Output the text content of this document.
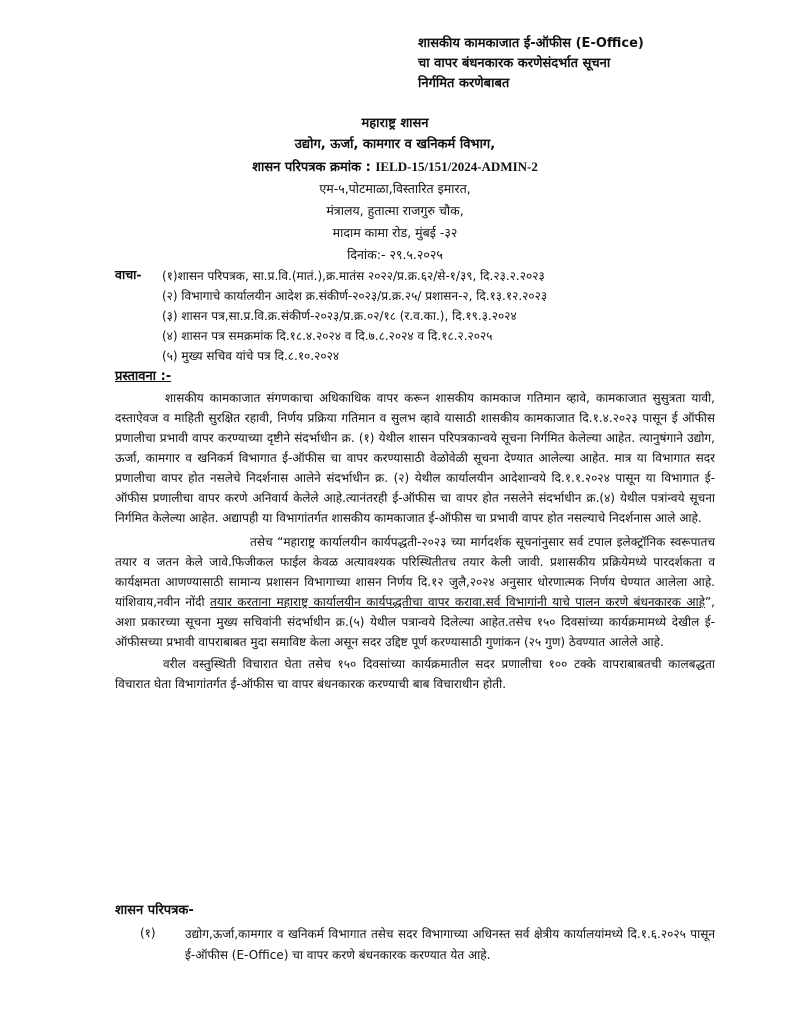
शासकीय कामकाजात ई-ऑफीस (E-Office)
चा वापर बंधनकारक करणेसंदर्भात सूचना
निर्गमित करणेबाबत
महाराष्ट्र शासन
उद्योग, ऊर्जा, कामगार व खनिकर्म विभाग,
शासन परिपत्रक क्रमांक : IELD-15/151/2024-ADMIN-2
एम-५,पोटमाळा,विस्तारित इमारत,
मंत्रालय, हुतात्मा राजगुरु चौक,
मादाम कामा रोड, मुंबई -३२
दिनांक:- २९.५.२०२५
वाचा- (१)शासन परिपत्रक, सा.प्र.वि.(मातं.),क्र.मातंस २०२२/प्र.क्र.६२/से-१/३९, दि.२३.२.२०२३
(२) विभागाचे कार्यालयीन आदेश क्र.संकीर्ण-२०२३/प्र.क्र.२५/ प्रशासन-२, दि.१३.१२.२०२३
(३) शासन पत्र,सा.प्र.वि.क्र.संकीर्ण-२०२३/प्र.क्र.०२/१८ (र.व.का.), दि.१९.३.२०२४
(४) शासन पत्र समक्रमांक दि.१८.४.२०२४ व दि.७.८.२०२४ व दि.१८.२.२०२५
(५) मुख्य सचिव यांचे पत्र दि.८.१०.२०२४
प्रस्तावना :-

शासकीय कामकाजात संगणकाचा अधिकाधिक वापर करून शासकीय कामकाज गतिमान व्हावे, कामकाजात सुसुत्रता यावी, दस्ताऐवज व माहिती सुरक्षित रहावी, निर्णय प्रक्रिया गतिमान व सुलभ व्हावे यासाठी शासकीय कामकाजात दि.१.४.२०२३ पासून ई ऑफीस प्रणालीचा प्रभावी वापर करण्याच्या दृष्टीने संदर्भाधीन क्र. (१) येथील शासन परिपत्रकान्वये सूचना निर्गमित केलेल्या आहेत. त्यानुषंगाने उद्योग, ऊर्जा, कामगार व खनिकर्म विभागात ई-ऑफीस चा वापर करण्यासाठी वेळोवेळी सूचना देण्यात आलेल्या आहेत. मात्र या विभागात सदर प्रणालीचा वापर होत नसलेचे निदर्शनास आलेने संदर्भाधीन क्र. (२) येथील कार्यालयीन आदेशान्वये दि.१.१.२०२४ पासून या विभागात ई-ऑफीस प्रणालीचा वापर करणे अनिवार्य केलेले आहे.त्यानंतरही ई-ऑफीस चा वापर होत नसलेने संदर्भाधीन क्र.(४) येथील पत्रांन्वये सूचना निर्गमित केलेल्या आहेत. अद्यापही या विभागांतर्गत शासकीय कामकाजात ई-ऑफीस चा प्रभावी वापर होत नसल्याचे निदर्शनास आले आहे.

तसेच “महाराष्ट्र कार्यालयीन कार्यपद्धती-२०२३ च्या मार्गदर्शक सूचनांनुसार सर्व टपाल इलेक्ट्रॉनिक स्वरूपातच तयार व जतन केले जावे.फिजीकल फाईल केवळ अत्यावश्यक परिस्थितीतच तयार केली जावी. प्रशासकीय प्रक्रियेमध्ये पारदर्शकता व कार्यक्षमता आणण्यासाठी सामान्य प्रशासन विभागाच्या शासन निर्णय दि.१२ जुलै,२०२४ अनुसार धोरणात्मक निर्णय घेण्यात आलेला आहे. यांशिवाय,नवीन नोंदी तयार करताना महाराष्ट्र कार्यालयीन कार्यपद्धतीचा वापर करावा.सर्व विभागांनी याचे पालन करणे बंधनकारक आहे”, अशा प्रकारच्या सूचना मुख्य सचिवांनी संदर्भाधीन क्र.(५) येथील पत्रान्वये दिलेल्या आहेत.तसेच १५० दिवसांच्या कार्यक्रमामध्ये देखील ई-ऑफीसच्या प्रभावी वापराबाबत मुदा समाविष्ट केला असून सदर उद्दिष्ट पूर्ण करण्यासाठी गुणांकन (२५ गुण) ठेवण्यात आलेले आहे.

वरील वस्तुस्थिती विचारात घेता तसेच १५० दिवसांच्या कार्यक्रमातील सदर प्रणालीचा १०० टक्के वापराबाबतची कालबद्धता विचारात घेता विभागांतर्गत ई-ऑफीस चा वापर बंधनकारक करण्याची बाब विचाराधीन होती.

शासन परिपत्रक-
(१) उद्योग,ऊर्जा,कामगार व खनिकर्म विभागात तसेच सदर विभागाच्या अधिनस्त सर्व क्षेत्रीय कार्यालयांमध्ये दि.१.६.२०२५ पासून ई-ऑफीस (E-Office) चा वापर करणे बंधनकारक करण्यात येत आहे.
